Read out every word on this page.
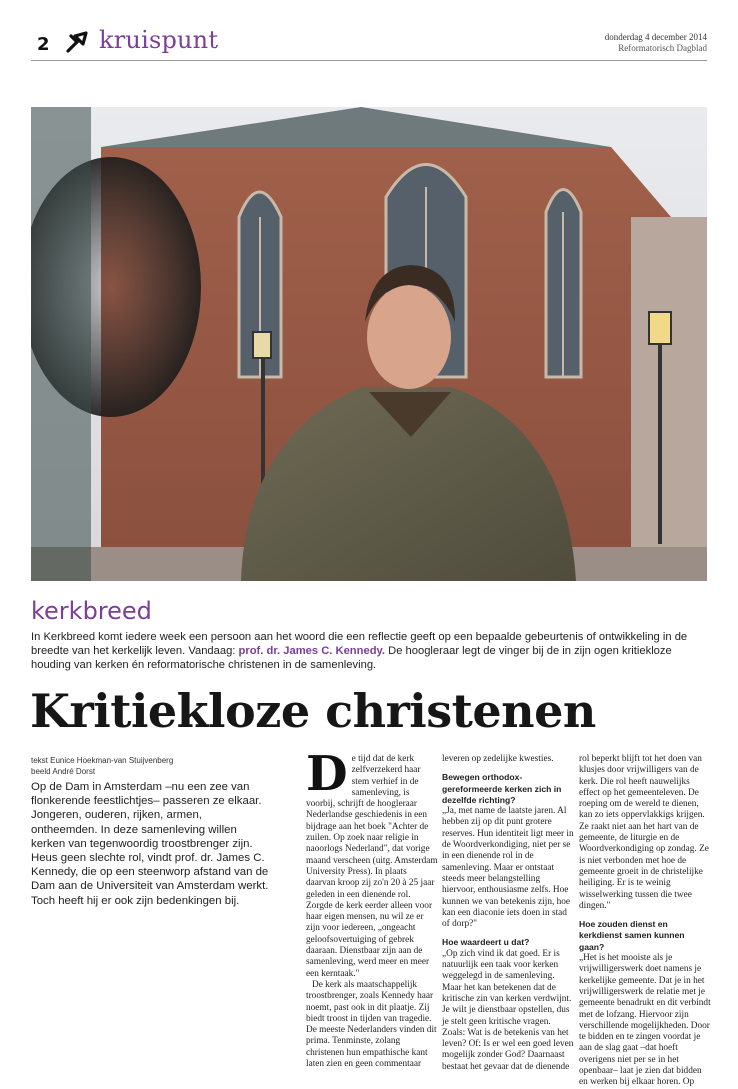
2 kruispunt	donderdag 4 december 2014
Reformatorisch Dagblad
kerkbreed
In Kerkbreed komt iedere week een persoon aan het woord die een reflectie geeft op een bepaalde gebeurtenis of ontwikkeling in de breedte van het kerkelijk leven. Vandaag: prof. dr. James C. Kennedy. De hoogleraar legt de vinger bij de in zijn ogen kritiekloze houding van kerken én reformatorische christenen in de samenleving.
Kritiekloze christenen
tekst Eunice Hoekman-van Stuijvenberg
beeld André Dorst
Op de Dam in Amsterdam –nu een zee van flonkerende feestlichtjes– passeren ze elkaar. Jongeren, ouderen, rijken, armen, ontheemden. In deze samenleving willen kerken van tegenwoordig troostbrenger zijn. Heus geen slechte rol, vindt prof. dr. James C. Kennedy, die op een steenworp afstand van de Dam aan de Universiteit van Amsterdam werkt. Toch heeft hij er ook zijn bedenkingen bij.
D e tijd dat de kerk zelfverzekerd haar stem verhief in de samenleving, is voorbij, schrijft de hoogleraar Nederlandse geschiedenis in een bijdrage aan het boek "Achter de zuilen. Op zoek naar religie in naoorlogs Nederland", dat vorige maand verscheen (uitg. Amsterdam University Press). In plaats daarvan kroop zij zo'n 20 à 25 jaar geleden in een dienende rol. Zorgde de kerk eerder alleen voor haar eigen mensen, nu wil ze er zijn voor iedereen, „ongeacht geloofsovertuiging of gebrek daaraan. Dienstbaar zijn aan de samenleving, werd meer en meer een kerntaak."

De kerk als maatschappelijk troostbrenger, zoals Kennedy haar noemt, past ook in dit plaatje. Zij biedt troost in tijden van tragedie. De meeste Nederlanders vinden dit prima. Tenminste, zolang christenen hun empathische kant laten zien en geen commentaar

leveren op zedelijke kwesties.

Bewegen orthodox-gereformeerde kerken zich in dezelfde richting?

„Ja, met name de laatste jaren. Al hebben zij op dit punt grotere reserves. Hun identiteit ligt meer in de Woordverkondiging, niet per se in een dienende rol in de samenleving. Maar er ontstaat steeds meer belangstelling hiervoor, enthousiasme zelfs. Hoe kunnen we van betekenis zijn, hoe kan een diaconie iets doen in stad of dorp?"

Hoe waardeert u dat?

„Op zich vind ik dat goed. Er is natuurlijk een taak voor kerken weggelegd in de samenleving. Maar het kan betekenen dat de kritische zin van kerken verdwijnt. Je wilt je dienstbaar opstellen, dus je stelt geen kritische vragen. Zoals: Wat is de betekenis van het leven? Of: Is er wel een goed leven mogelijk zonder God? Daarnaast bestaat het gevaar dat de dienende

rol beperkt blijft tot het doen van klusjes door vrijwilligers van de kerk. Die rol heeft nauwelijks effect op het gemeenteleven. De roeping om de wereld te dienen, kan zo iets oppervlakkigs krijgen. Ze raakt niet aan het hart van de gemeente, de liturgie en de Woordverkondiging op zondag. Ze is niet verbonden met hoe de gemeente groeit in de christelijke heiliging. Er is te weinig wisselwerking tussen die twee dingen."

Hoe zouden dienst en kerkdienst samen kunnen gaan?

„Het is het mooiste als je vrijwilligerswerk doet namens je kerkelijke gemeente. Dat je in het vrijwilligerswerk de relatie met je gemeente benadrukt en dit verbindt met de lofzang. Hiervoor zijn verschillende mogelijkheden. Door te bidden en te zingen voordat je aan de slag gaat –dat hoeft overigens niet per se in het openbaar– laat je zien dat bidden en werken bij elkaar horen. Op
